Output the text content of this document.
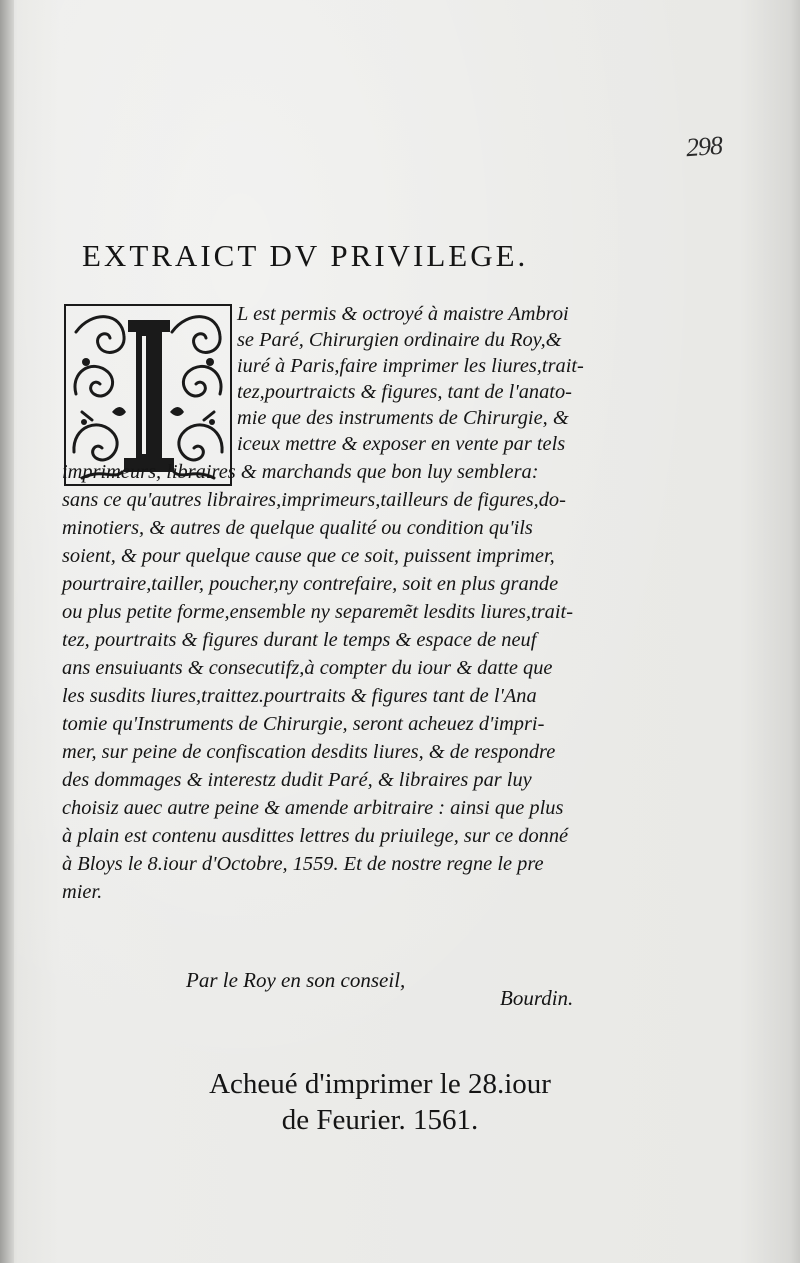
298
EXTRAICT DV PRIVILEGE.
L est permis & octroyé à maistre Ambroi
se Paré, Chirurgien ordinaire du Roy,&
iuré à Paris,faire imprimer les liures,trait-
tez,pourtraicts & figures, tant de l'anato-
mie que des instruments de Chirurgie, &
iceux mettre & exposer en vente par tels
imprimeurs, libraires & marchands que bon luy semblera:
sans ce qu'autres libraires,imprimeurs,tailleurs de figures,do-
minotiers, & autres de quelque qualité ou condition qu'ils
soient, & pour quelque cause que ce soit, puissent imprimer,
pourtraire,tailler, poucher,ny contrefaire, soit en plus grande
ou plus petite forme,ensemble ny separemẽt lesdits liures,trait-
tez, pourtraits & figures durant le temps & espace de neuf
ans ensuiuants & consecutifz,à compter du iour & datte que
les susdits liures,traittez.pourtraits & figures tant de l'Ana
tomie qu'Instruments de Chirurgie, seront acheuez d'impri-
mer, sur peine de confiscation desdits liures, & de respondre
des dommages & interestz dudit Paré, & libraires par luy
choisiz auec autre peine & amende arbitraire : ainsi que plus
à plain est contenu ausdittes lettres du priuilege, sur ce donné
à Bloys le 8.iour d'Octobre, 1559. Et de nostre regne le pre
mier.
Par le Roy en son conseil,
Bourdin.
Acheué d'imprimer le 28.iour
de Feurier. 1561.
